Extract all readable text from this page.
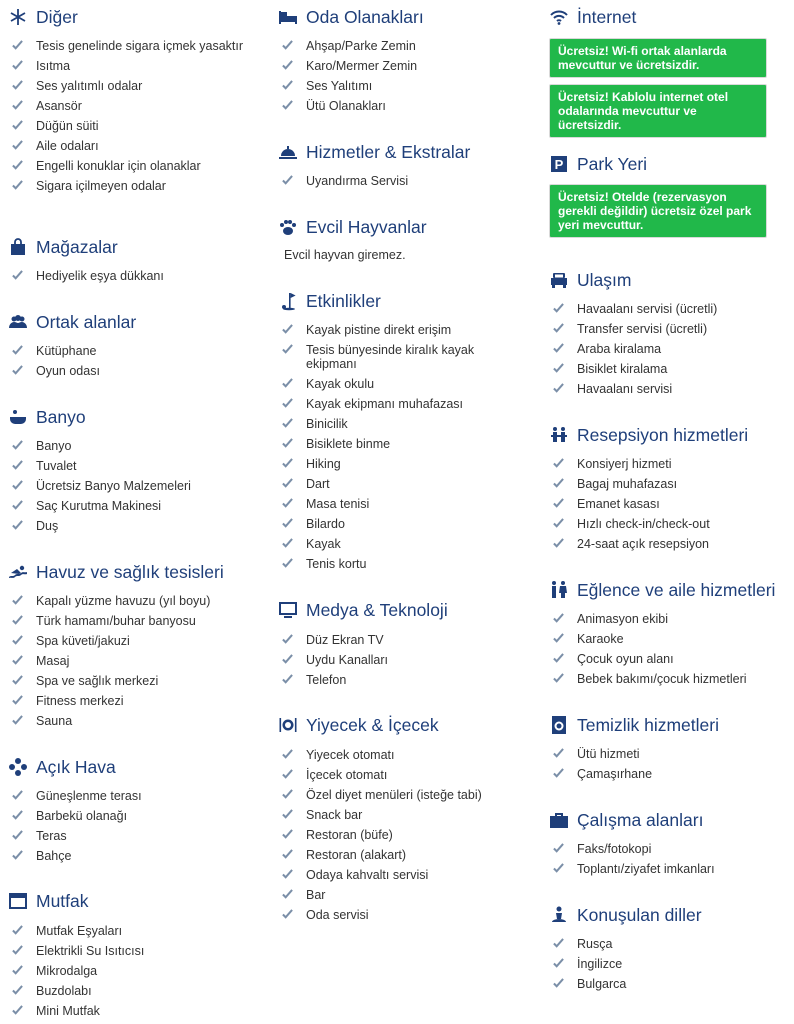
Diğer
Tesis genelinde sigara içmek yasaktır
Isıtma
Ses yalıtımlı odalar
Asansör
Düğün süiti
Aile odaları
Engelli konuklar için olanaklar
Sigara içilmeyen odalar
Mağazalar
Hediyelik eşya dükkanı
Ortak alanlar
Kütüphane
Oyun odası
Banyo
Banyo
Tuvalet
Ücretsiz Banyo Malzemeleri
Saç Kurutma Makinesi
Duş
Havuz ve sağlık tesisleri
Kapalı yüzme havuzu (yıl boyu)
Türk hamamı/buhar banyosu
Spa küveti/jakuzi
Masaj
Spa ve sağlık merkezi
Fitness merkezi
Sauna
Açık Hava
Güneşlenme terası
Barbekü olanağı
Teras
Bahçe
Mutfak
Mutfak Eşyaları
Elektrikli Su Isıtıcısı
Mikrodalga
Buzdolabı
Mini Mutfak
Oda Olanakları
Ahşap/Parke Zemin
Karo/Mermer Zemin
Ses Yalıtımı
Ütü Olanakları
Hizmetler & Ekstralar
Uyandırma Servisi
Evcil Hayvanlar
Evcil hayvan giremez.
Etkinlikler
Kayak pistine direkt erişim
Tesis bünyesinde kiralık kayak ekipmanı
Kayak okulu
Kayak ekipmanı muhafazası
Binicilik
Bisiklete binme
Hiking
Dart
Masa tenisi
Bilardo
Kayak
Tenis kortu
Medya & Teknoloji
Düz Ekran TV
Uydu Kanalları
Telefon
Yiyecek & İçecek
Yiyecek otomatı
İçecek otomatı
Özel diyet menüleri (isteğe tabi)
Snack bar
Restoran (büfe)
Restoran (alakart)
Odaya kahvaltı servisi
Bar
Oda servisi
İnternet
Ücretsiz! Wi-fi ortak alanlarda mevcuttur ve ücretsizdir.
Ücretsiz! Kablolu internet otel odalarında mevcuttur ve ücretsizdir.
P Park Yeri
Ücretsiz! Otelde (rezervasyon gerekli değildir) ücretsiz özel park yeri mevcuttur.
Ulaşım
Havaalanı servisi (ücretli)
Transfer servisi (ücretli)
Araba kiralama
Bisiklet kiralama
Havaalanı servisi
Resepsiyon hizmetleri
Konsiyerj hizmeti
Bagaj muhafazası
Emanet kasası
Hızlı check-in/check-out
24-saat açık resepsiyon
Eğlence ve aile hizmetleri
Animasyon ekibi
Karaoke
Çocuk oyun alanı
Bebek bakımı/çocuk hizmetleri
Temizlik hizmetleri
Ütü hizmeti
Çamaşırhane
Çalışma alanları
Faks/fotokopi
Toplantı/ziyafet imkanları
Konuşulan diller
Rusça
İngilizce
Bulgarca
